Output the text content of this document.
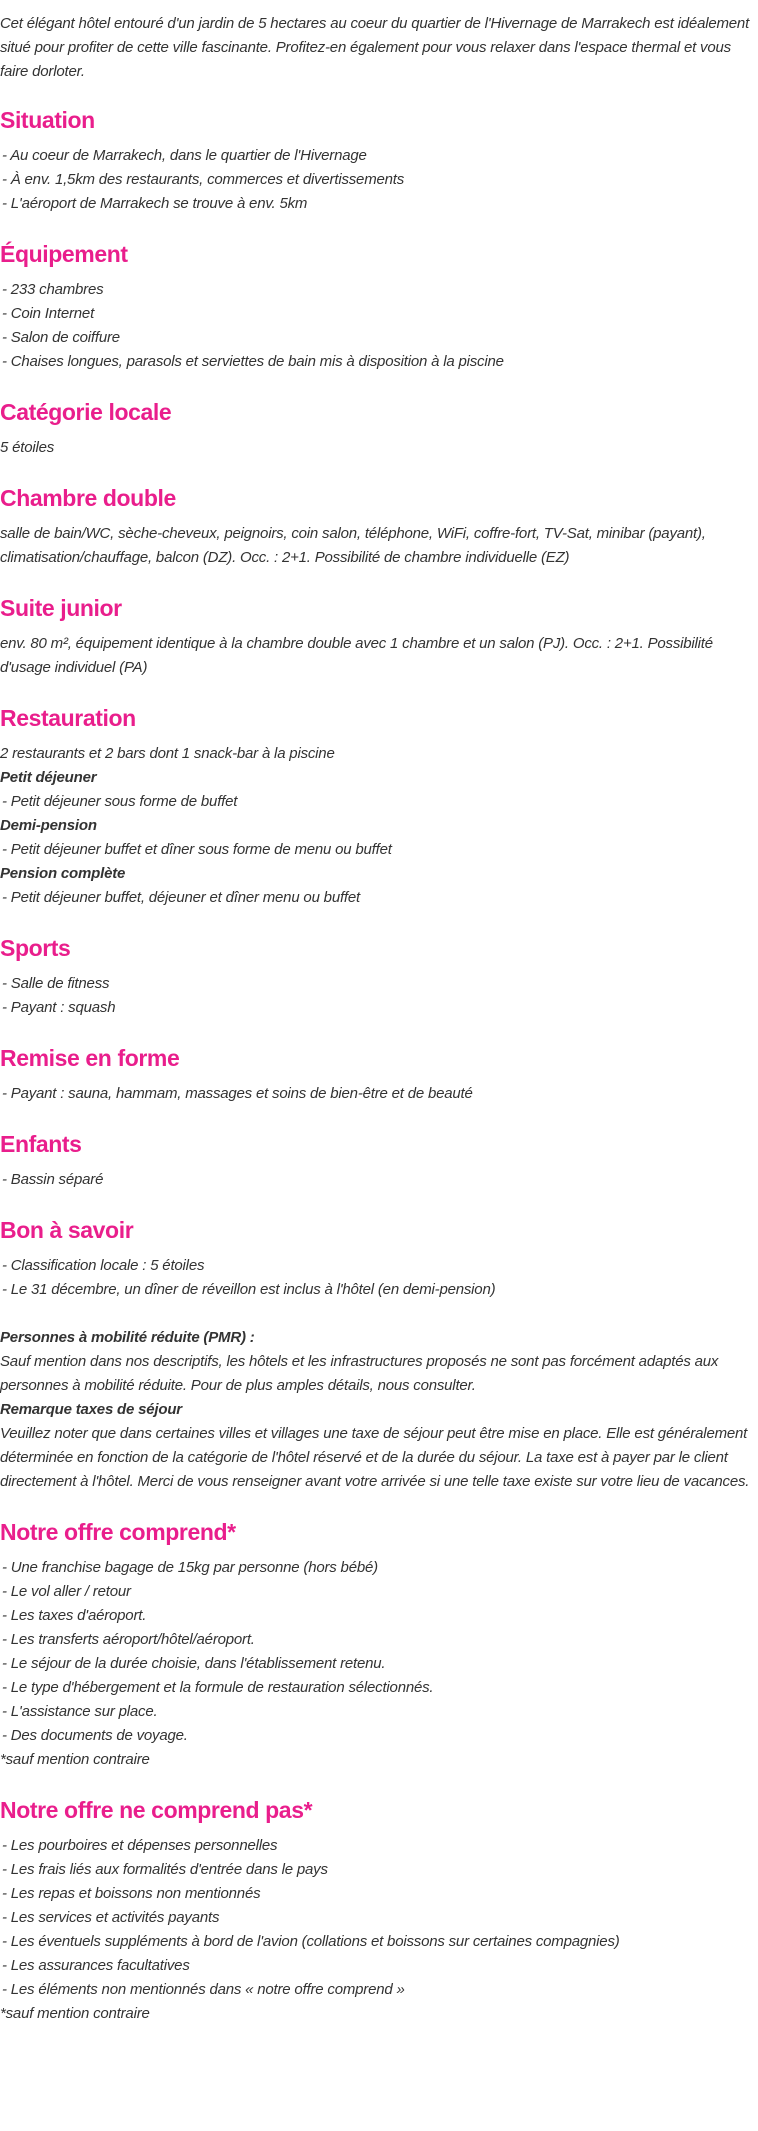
Cet élégant hôtel entouré d'un jardin de 5 hectares au coeur du quartier de l'Hivernage de Marrakech est idéalement situé pour profiter de cette ville fascinante. Profitez-en également pour vous relaxer dans l'espace thermal et vous faire dorloter.

Situation

- Au coeur de Marrakech, dans le quartier de l'Hivernage

- À env. 1,5km des restaurants, commerces et divertissements

- L'aéroport de Marrakech se trouve à env. 5km

Équipement

- 233 chambres

- Coin Internet

- Salon de coiffure

- Chaises longues, parasols et serviettes de bain mis à disposition à la piscine

Catégorie locale

5 étoiles

Chambre double

salle de bain/WC, sèche-cheveux, peignoirs, coin salon, téléphone, WiFi, coffre-fort, TV-Sat, minibar (payant), climatisation/chauffage, balcon (DZ). Occ. : 2+1. Possibilité de chambre individuelle (EZ)

Suite junior

env. 80 m², équipement identique à la chambre double avec 1 chambre et un salon (PJ). Occ. : 2+1. Possibilité d'usage individuel (PA)

Restauration

2 restaurants et 2 bars dont 1 snack-bar à la piscine

Petit déjeuner

- Petit déjeuner sous forme de buffet

Demi-pension

- Petit déjeuner buffet et dîner sous forme de menu ou buffet

Pension complète

- Petit déjeuner buffet, déjeuner et dîner menu ou buffet

Sports

- Salle de fitness

- Payant : squash

Remise en forme

- Payant : sauna, hammam, massages et soins de bien-être et de beauté

Enfants

- Bassin séparé

Bon à savoir

- Classification locale : 5 étoiles

- Le 31 décembre, un dîner de réveillon est inclus à l'hôtel (en demi-pension)

Personnes à mobilité réduite (PMR) :

Sauf mention dans nos descriptifs, les hôtels et les infrastructures proposés ne sont pas forcément adaptés aux personnes à mobilité réduite. Pour de plus amples détails, nous consulter.

Remarque taxes de séjour

Veuillez noter que dans certaines villes et villages une taxe de séjour peut être mise en place. Elle est généralement déterminée en fonction de la catégorie de l'hôtel réservé et de la durée du séjour. La taxe est à payer par le client directement à l'hôtel. Merci de vous renseigner avant votre arrivée si une telle taxe existe sur votre lieu de vacances.

Notre offre comprend*

- Une franchise bagage de 15kg par personne (hors bébé)

- Le vol aller / retour

- Les taxes d'aéroport.

- Les transferts aéroport/hôtel/aéroport.

- Le séjour de la durée choisie, dans l'établissement retenu.

- Le type d'hébergement et la formule de restauration sélectionnés.

- L'assistance sur place.

- Des documents de voyage.

*sauf mention contraire

Notre offre ne comprend pas*

- Les pourboires et dépenses personnelles

- Les frais liés aux formalités d'entrée dans le pays

- Les repas et boissons non mentionnés

- Les services et activités payants

- Les éventuels suppléments à bord de l'avion (collations et boissons sur certaines compagnies)

- Les assurances facultatives

- Les éléments non mentionnés dans « notre offre comprend »

*sauf mention contraire
